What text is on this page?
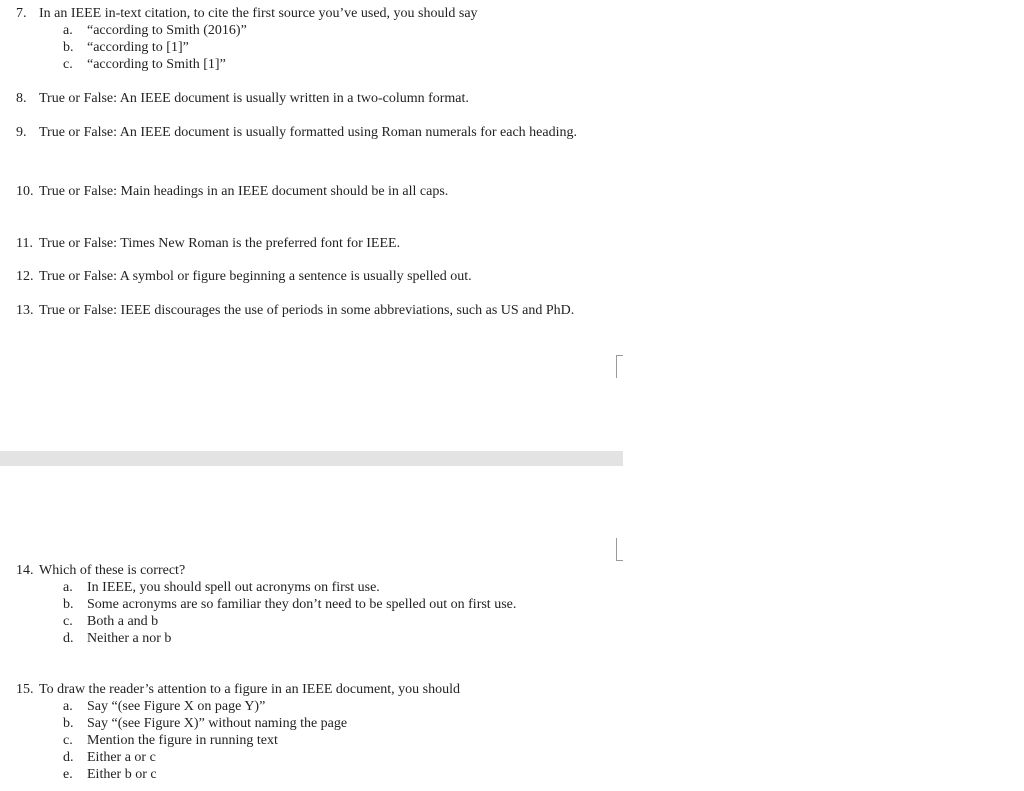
7. In an IEEE in-text citation, to cite the first source you’ve used, you should say
a. “according to Smith (2016)”
b. “according to [1]”
c. “according to Smith [1]”
8. True or False: An IEEE document is usually written in a two-column format.
9. True or False: An IEEE document is usually formatted using Roman numerals for each heading.
10. True or False: Main headings in an IEEE document should be in all caps.
11. True or False: Times New Roman is the preferred font for IEEE.
12. True or False: A symbol or figure beginning a sentence is usually spelled out.
13. True or False: IEEE discourages the use of periods in some abbreviations, such as US and PhD.
14. Which of these is correct?
a. In IEEE, you should spell out acronyms on first use.
b. Some acronyms are so familiar they don’t need to be spelled out on first use.
c. Both a and b
d. Neither a nor b
15. To draw the reader’s attention to a figure in an IEEE document, you should
a. Say “(see Figure X on page Y)”
b. Say “(see Figure X)” without naming the page
c. Mention the figure in running text
d. Either a or c
e. Either b or c
